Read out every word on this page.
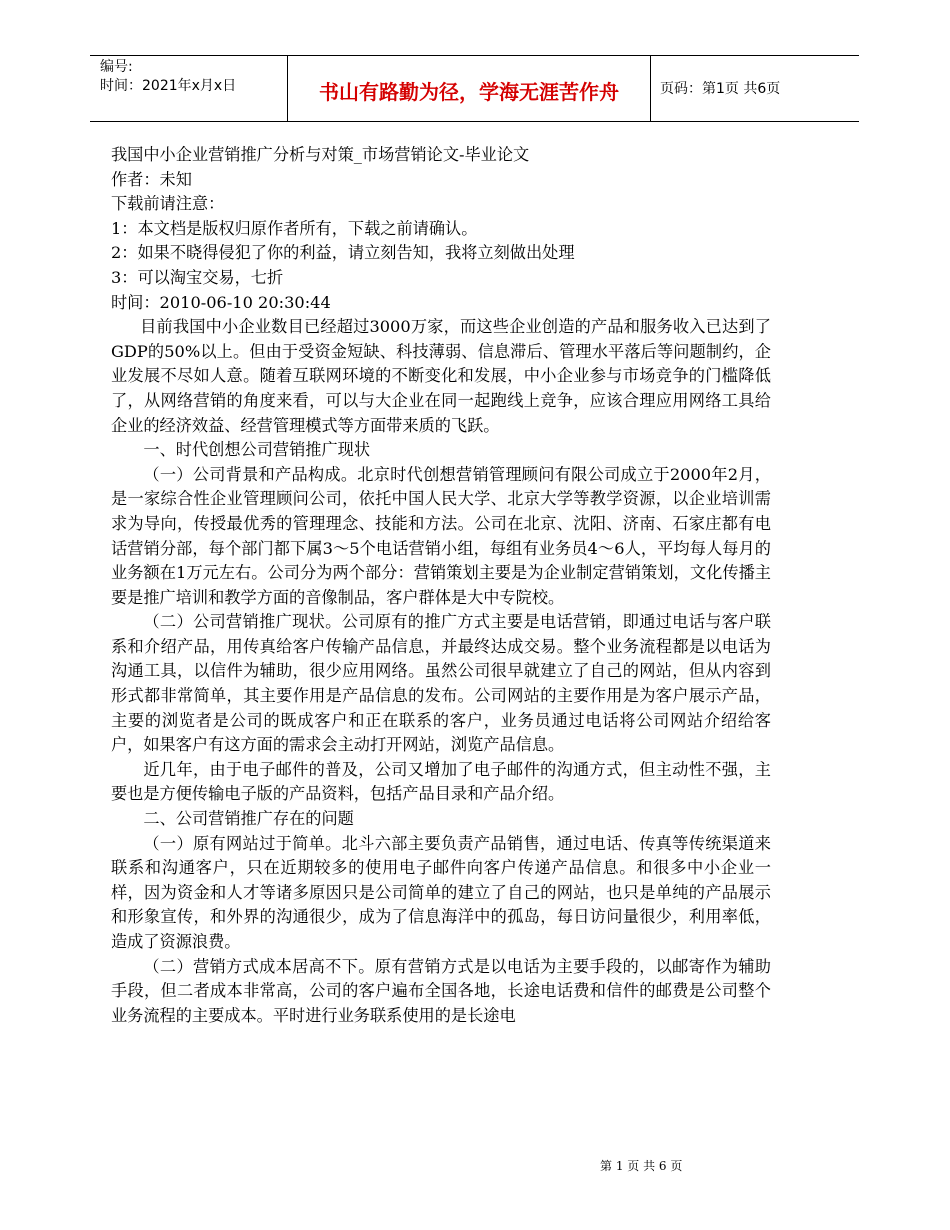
编号:
时间：2021年x月x日	书山有路勤为径，学海无涯苦作舟	页码：第1页 共6页

我国中小企业营销推广分析与对策_市场营销论文-毕业论文

作者：未知

下载前请注意：

1：本文档是版权归原作者所有，下载之前请确认。

2：如果不晓得侵犯了你的利益，请立刻告知，我将立刻做出处理

3：可以淘宝交易，七折

时间：2010-06-10 20:30:44

目前我国中小企业数目已经超过3000万家，而这些企业创造的产品和服务收入已达到了GDP的50%以上。但由于受资金短缺、科技薄弱、信息滞后、管理水平落后等问题制约，企业发展不尽如人意。随着互联网环境的不断变化和发展，中小企业参与市场竞争的门槛降低了，从网络营销的角度来看，可以与大企业在同一起跑线上竞争，应该合理应用网络工具给企业的经济效益、经营管理模式等方面带来质的飞跃。

一、时代创想公司营销推广现状

（一）公司背景和产品构成。北京时代创想营销管理顾问有限公司成立于2000年2月，是一家综合性企业管理顾问公司，依托中国人民大学、北京大学等教学资源，以企业培训需求为导向，传授最优秀的管理理念、技能和方法。公司在北京、沈阳、济南、石家庄都有电话营销分部，每个部门都下属3～5个电话营销小组，每组有业务员4～6人，平均每人每月的业务额在1万元左右。公司分为两个部分：营销策划主要是为企业制定营销策划，文化传播主要是推广培训和教学方面的音像制品，客户群体是大中专院校。

（二）公司营销推广现状。公司原有的推广方式主要是电话营销，即通过电话与客户联系和介绍产品，用传真给客户传输产品信息，并最终达成交易。整个业务流程都是以电话为沟通工具，以信件为辅助，很少应用网络。虽然公司很早就建立了自己的网站，但从内容到形式都非常简单，其主要作用是产品信息的发布。公司网站的主要作用是为客户展示产品，主要的浏览者是公司的既成客户和正在联系的客户，业务员通过电话将公司网站介绍给客户，如果客户有这方面的需求会主动打开网站，浏览产品信息。

近几年，由于电子邮件的普及，公司又增加了电子邮件的沟通方式，但主动性不强，主要也是方便传输电子版的产品资料，包括产品目录和产品介绍。

二、公司营销推广存在的问题

（一）原有网站过于简单。北斗六部主要负责产品销售，通过电话、传真等传统渠道来联系和沟通客户，只在近期较多的使用电子邮件向客户传递产品信息。和很多中小企业一样，因为资金和人才等诸多原因只是公司简单的建立了自己的网站，也只是单纯的产品展示和形象宣传，和外界的沟通很少，成为了信息海洋中的孤岛，每日访问量很少，利用率低，造成了资源浪费。

（二）营销方式成本居高不下。原有营销方式是以电话为主要手段的，以邮寄作为辅助手段，但二者成本非常高，公司的客户遍布全国各地，长途电话费和信件的邮费是公司整个业务流程的主要成本。平时进行业务联系使用的是长途电

第 1 页 共 6 页
